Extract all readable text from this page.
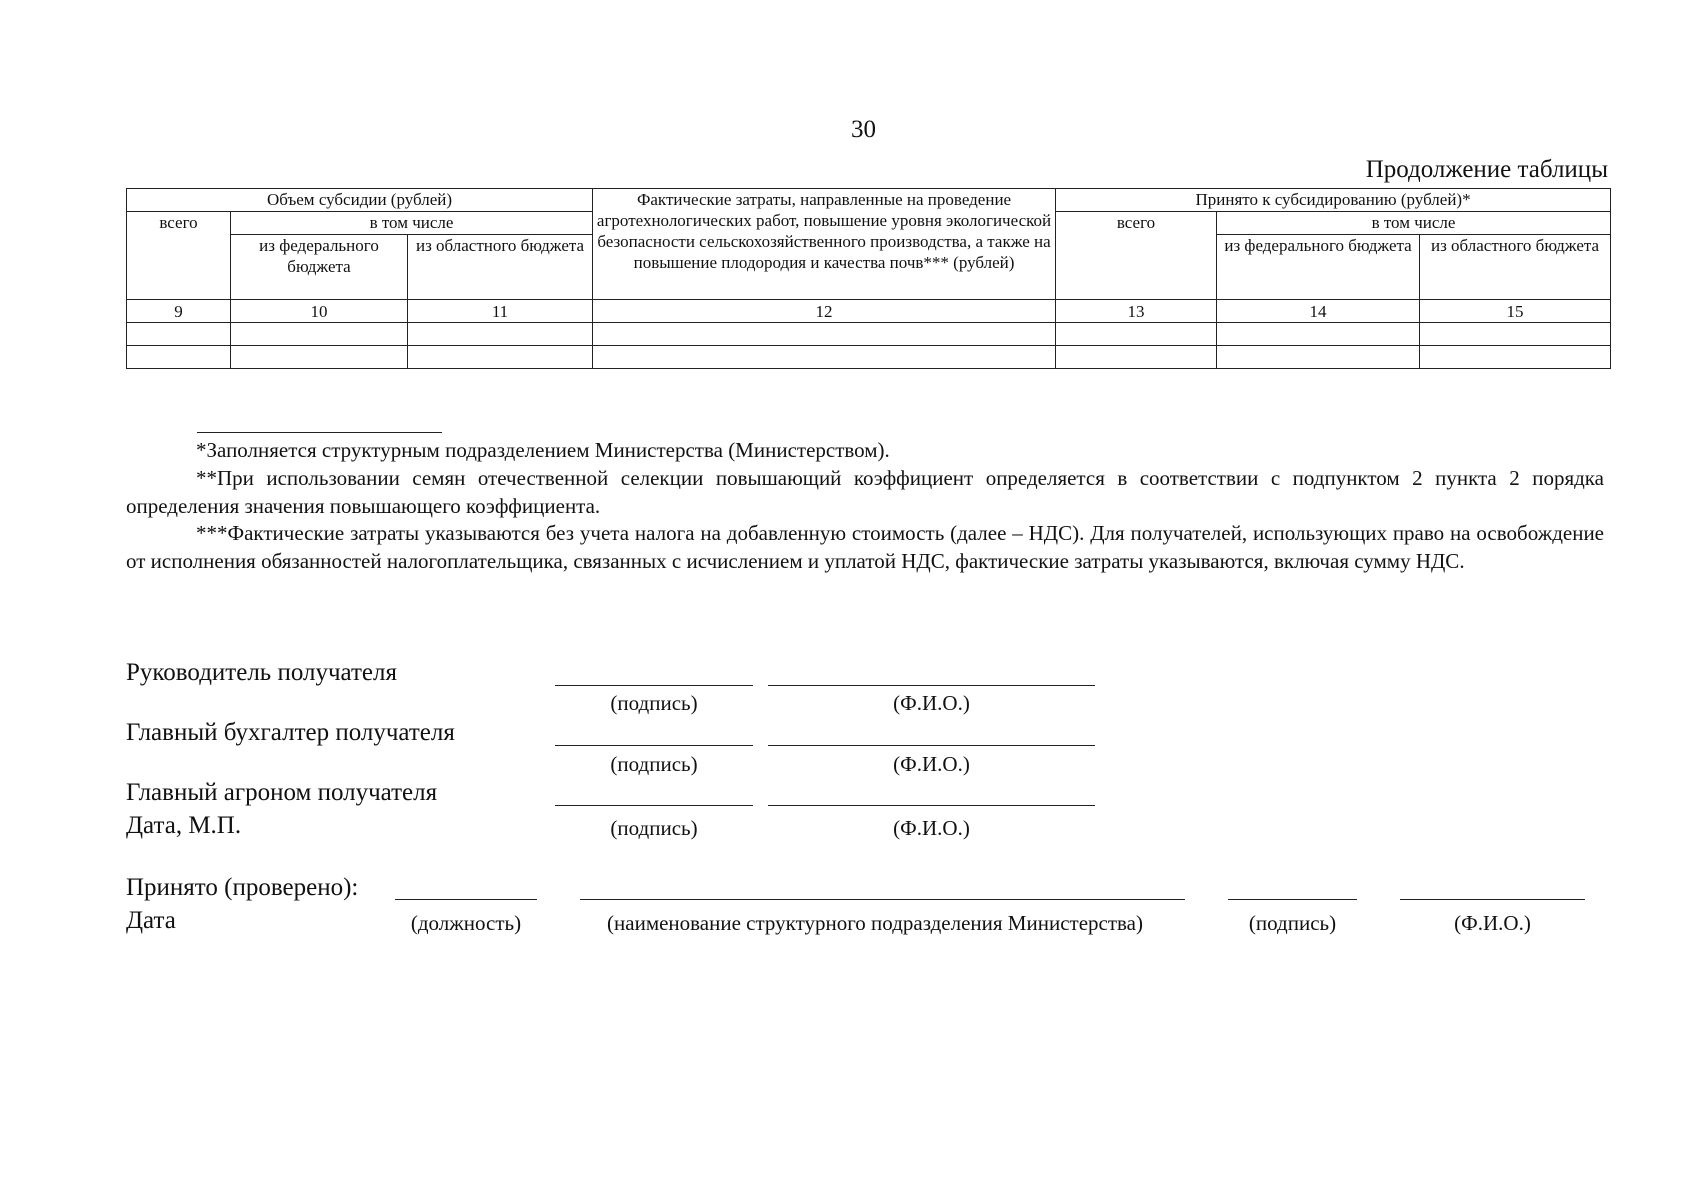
30
Продолжение таблицы
Объем субсидии (рублей)			Фактические затраты, направленные на проведение агротехнологических работ, повышение уровня экологической безопасности сельскохозяйственного производства, а также на повышение плодородия и качества почв*** (рублей)	Принято к субсидированию (рублей)*		
всего	в том числе			всего	в том числе	
	из федерального бюджета	из областного бюджета			из федерального бюджета	из областного бюджета
9	10	11	12	13	14	15

*Заполняется структурным подразделением Министерства (Министерством).
**При использовании семян отечественной селекции повышающий коэффициент определяется в соответствии с подпунктом 2 пункта 2 порядка определения значения повышающего коэффициента.
***Фактические затраты указываются без учета налога на добавленную стоимость (далее – НДС). Для получателей, использующих право на освобождение от исполнения обязанностей налогоплательщика, связанных с исчислением и уплатой НДС, фактические затраты указываются, включая сумму НДС.
Руководитель получателя
(подпись)	(Ф.И.О.)
Главный бухгалтер получателя
(подпись)	(Ф.И.О.)
Главный агроном получателя
Дата, М.П.	(подпись)	(Ф.И.О.)
Принято (проверено):
Дата	(должность)	(наименование структурного подразделения Министерства)	(подпись)	(Ф.И.О.)
